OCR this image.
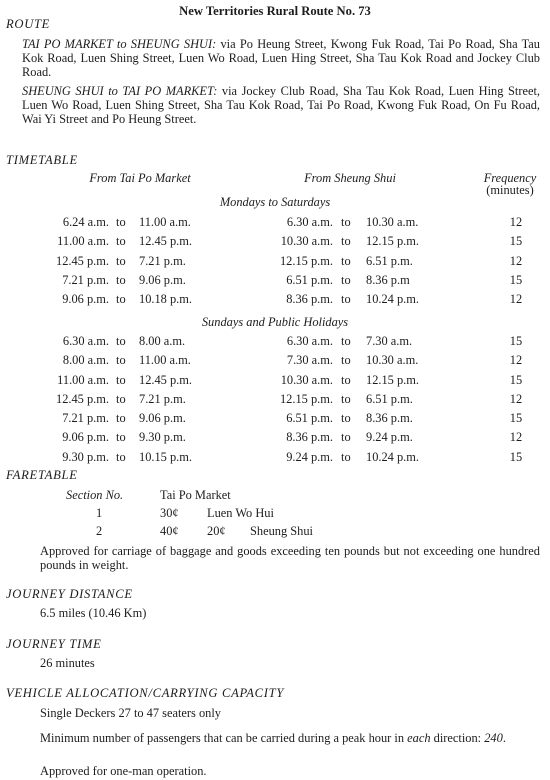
New Territories Rural Route No. 73
ROUTE
TAI PO MARKET to SHEUNG SHUI: via Po Heung Street, Kwong Fuk Road, Tai Po Road, Sha Tau Kok Road, Luen Shing Street, Luen Wo Road, Luen Hing Street, Sha Tau Kok Road and Jockey Club Road.
SHEUNG SHUI to TAI PO MARKET: via Jockey Club Road, Sha Tau Kok Road, Luen Hing Street, Luen Wo Road, Luen Shing Street, Sha Tau Kok Road, Tai Po Road, Kwong Fuk Road, On Fu Road, Wai Yi Street and Po Heung Street.
TIMETABLE
From Tai Po Market	From Sheung Shui	Frequency
(minutes)
Mondays to Saturdays
6.24 a.m. to 11.00 a.m.	6.30 a.m. to 10.30 a.m.	12
11.00 a.m. to 12.45 p.m.	10.30 a.m. to 12.15 p.m.	15
12.45 p.m. to 7.21 p.m.	12.15 p.m. to 6.51 p.m.	12
7.21 p.m. to 9.06 p.m.	6.51 p.m. to 8.36 p.m	15
9.06 p.m. to 10.18 p.m.	8.36 p.m. to 10.24 p.m.	12
Sundays and Public Holidays
6.30 a.m. to 8.00 a.m.	6.30 a.m. to 7.30 a.m.	15
8.00 a.m. to 11.00 a.m.	7.30 a.m. to 10.30 a.m.	12
11.00 a.m. to 12.45 p.m.	10.30 a.m. to 12.15 p.m.	15
12.45 p.m. to 7.21 p.m.	12.15 p.m. to 6.51 p.m.	12
7.21 p.m. to 9.06 p.m.	6.51 p.m. to 8.36 p.m.	15
9.06 p.m. to 9.30 p.m.	8.36 p.m. to 9.24 p.m.	12
9.30 p.m. to 10.15 p.m.	9.24 p.m. to 10.24 p.m.	15
FARETABLE
Section No.	Tai Po Market
1	30¢ Luen Wo Hui
2	40¢ 20¢ Sheung Shui
Approved for carriage of baggage and goods exceeding ten pounds but not exceeding one hundred pounds in weight.
JOURNEY DISTANCE
6.5 miles (10.46 Km)
JOURNEY TIME
26 minutes
VEHICLE ALLOCATION/CARRYING CAPACITY
Single Deckers 27 to 47 seaters only
Minimum number of passengers that can be carried during a peak hour in each direction: 240.
Approved for one-man operation.
